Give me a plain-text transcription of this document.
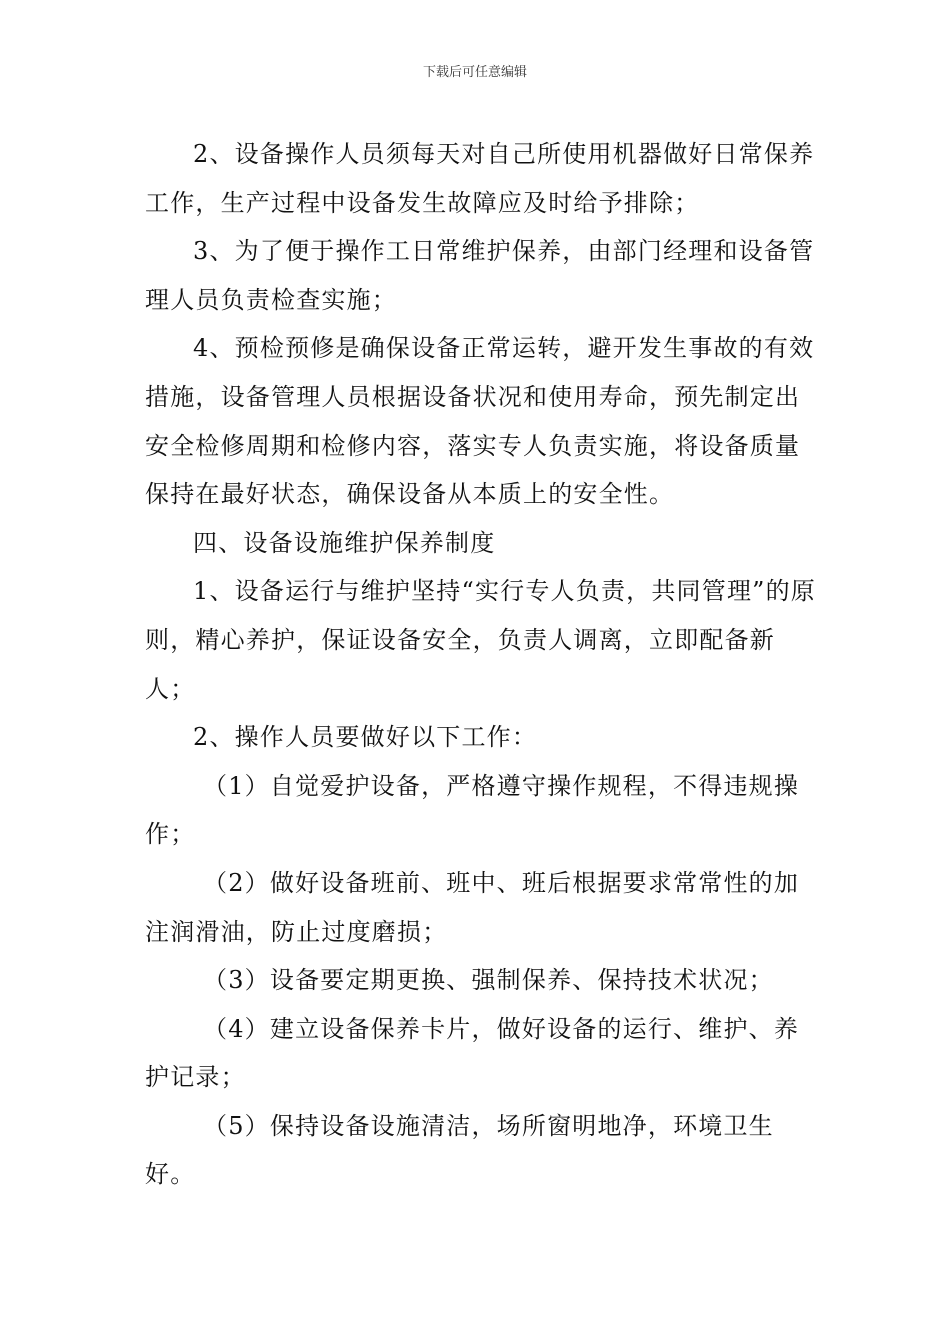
下载后可任意编辑

2、设备操作人员须每天对自己所使用机器做好日常保养工作，生产过程中设备发生故障应及时给予排除；

3、为了便于操作工日常维护保养，由部门经理和设备管理人员负责检查实施；

4、预检预修是确保设备正常运转，避开发生事故的有效措施，设备管理人员根据设备状况和使用寿命，预先制定出安全检修周期和检修内容，落实专人负责实施，将设备质量保持在最好状态，确保设备从本质上的安全性。

四、设备设施维护保养制度

1、设备运行与维护坚持“实行专人负责，共同管理”的原则，精心养护，保证设备安全，负责人调离，立即配备新人；

2、操作人员要做好以下工作：

（1）自觉爱护设备，严格遵守操作规程，不得违规操作；

（2）做好设备班前、班中、班后根据要求常常性的加注润滑油，防止过度磨损；

（3）设备要定期更换、强制保养、保持技术状况；

（4）建立设备保养卡片，做好设备的运行、维护、养护记录；

（5）保持设备设施清洁，场所窗明地净，环境卫生好。
